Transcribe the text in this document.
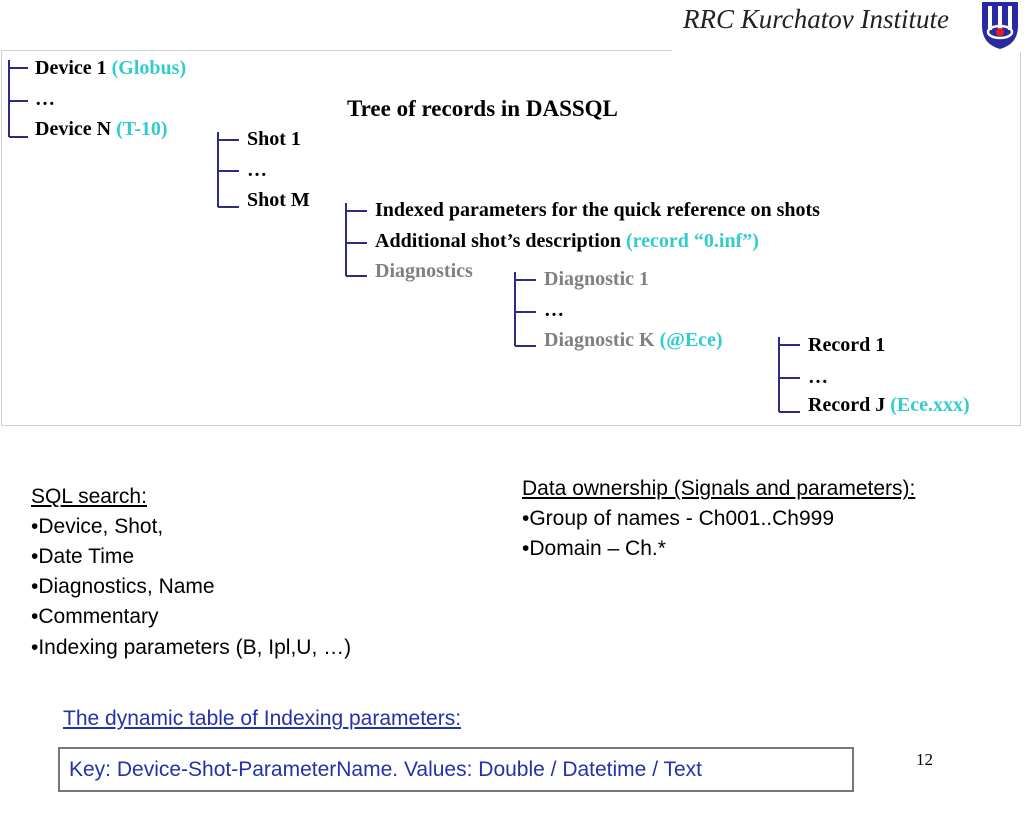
RRC Kurchatov Institute
Device 1 (Globus)
…
Device N (T-10)
Tree of records in DASSQL
Shot 1
…
Shot M	Indexed parameters for the quick reference on shots
Additional shot’s description (record “0.inf”)
Diagnostics	Diagnostic 1
…
Diagnostic K (@Ece)	Record 1
…
Record J (Ece.xxx)
SQL search:
•Device, Shot,
•Date Time
•Diagnostics, Name
•Commentary
•Indexing parameters (B, Ipl,U, …)
Data ownership (Signals and parameters):
•Group of names - Ch001..Ch999
•Domain – Ch.*
The dynamic table of Indexing parameters:
Key: Device-Shot-ParameterName. Values: Double / Datetime / Text	12
